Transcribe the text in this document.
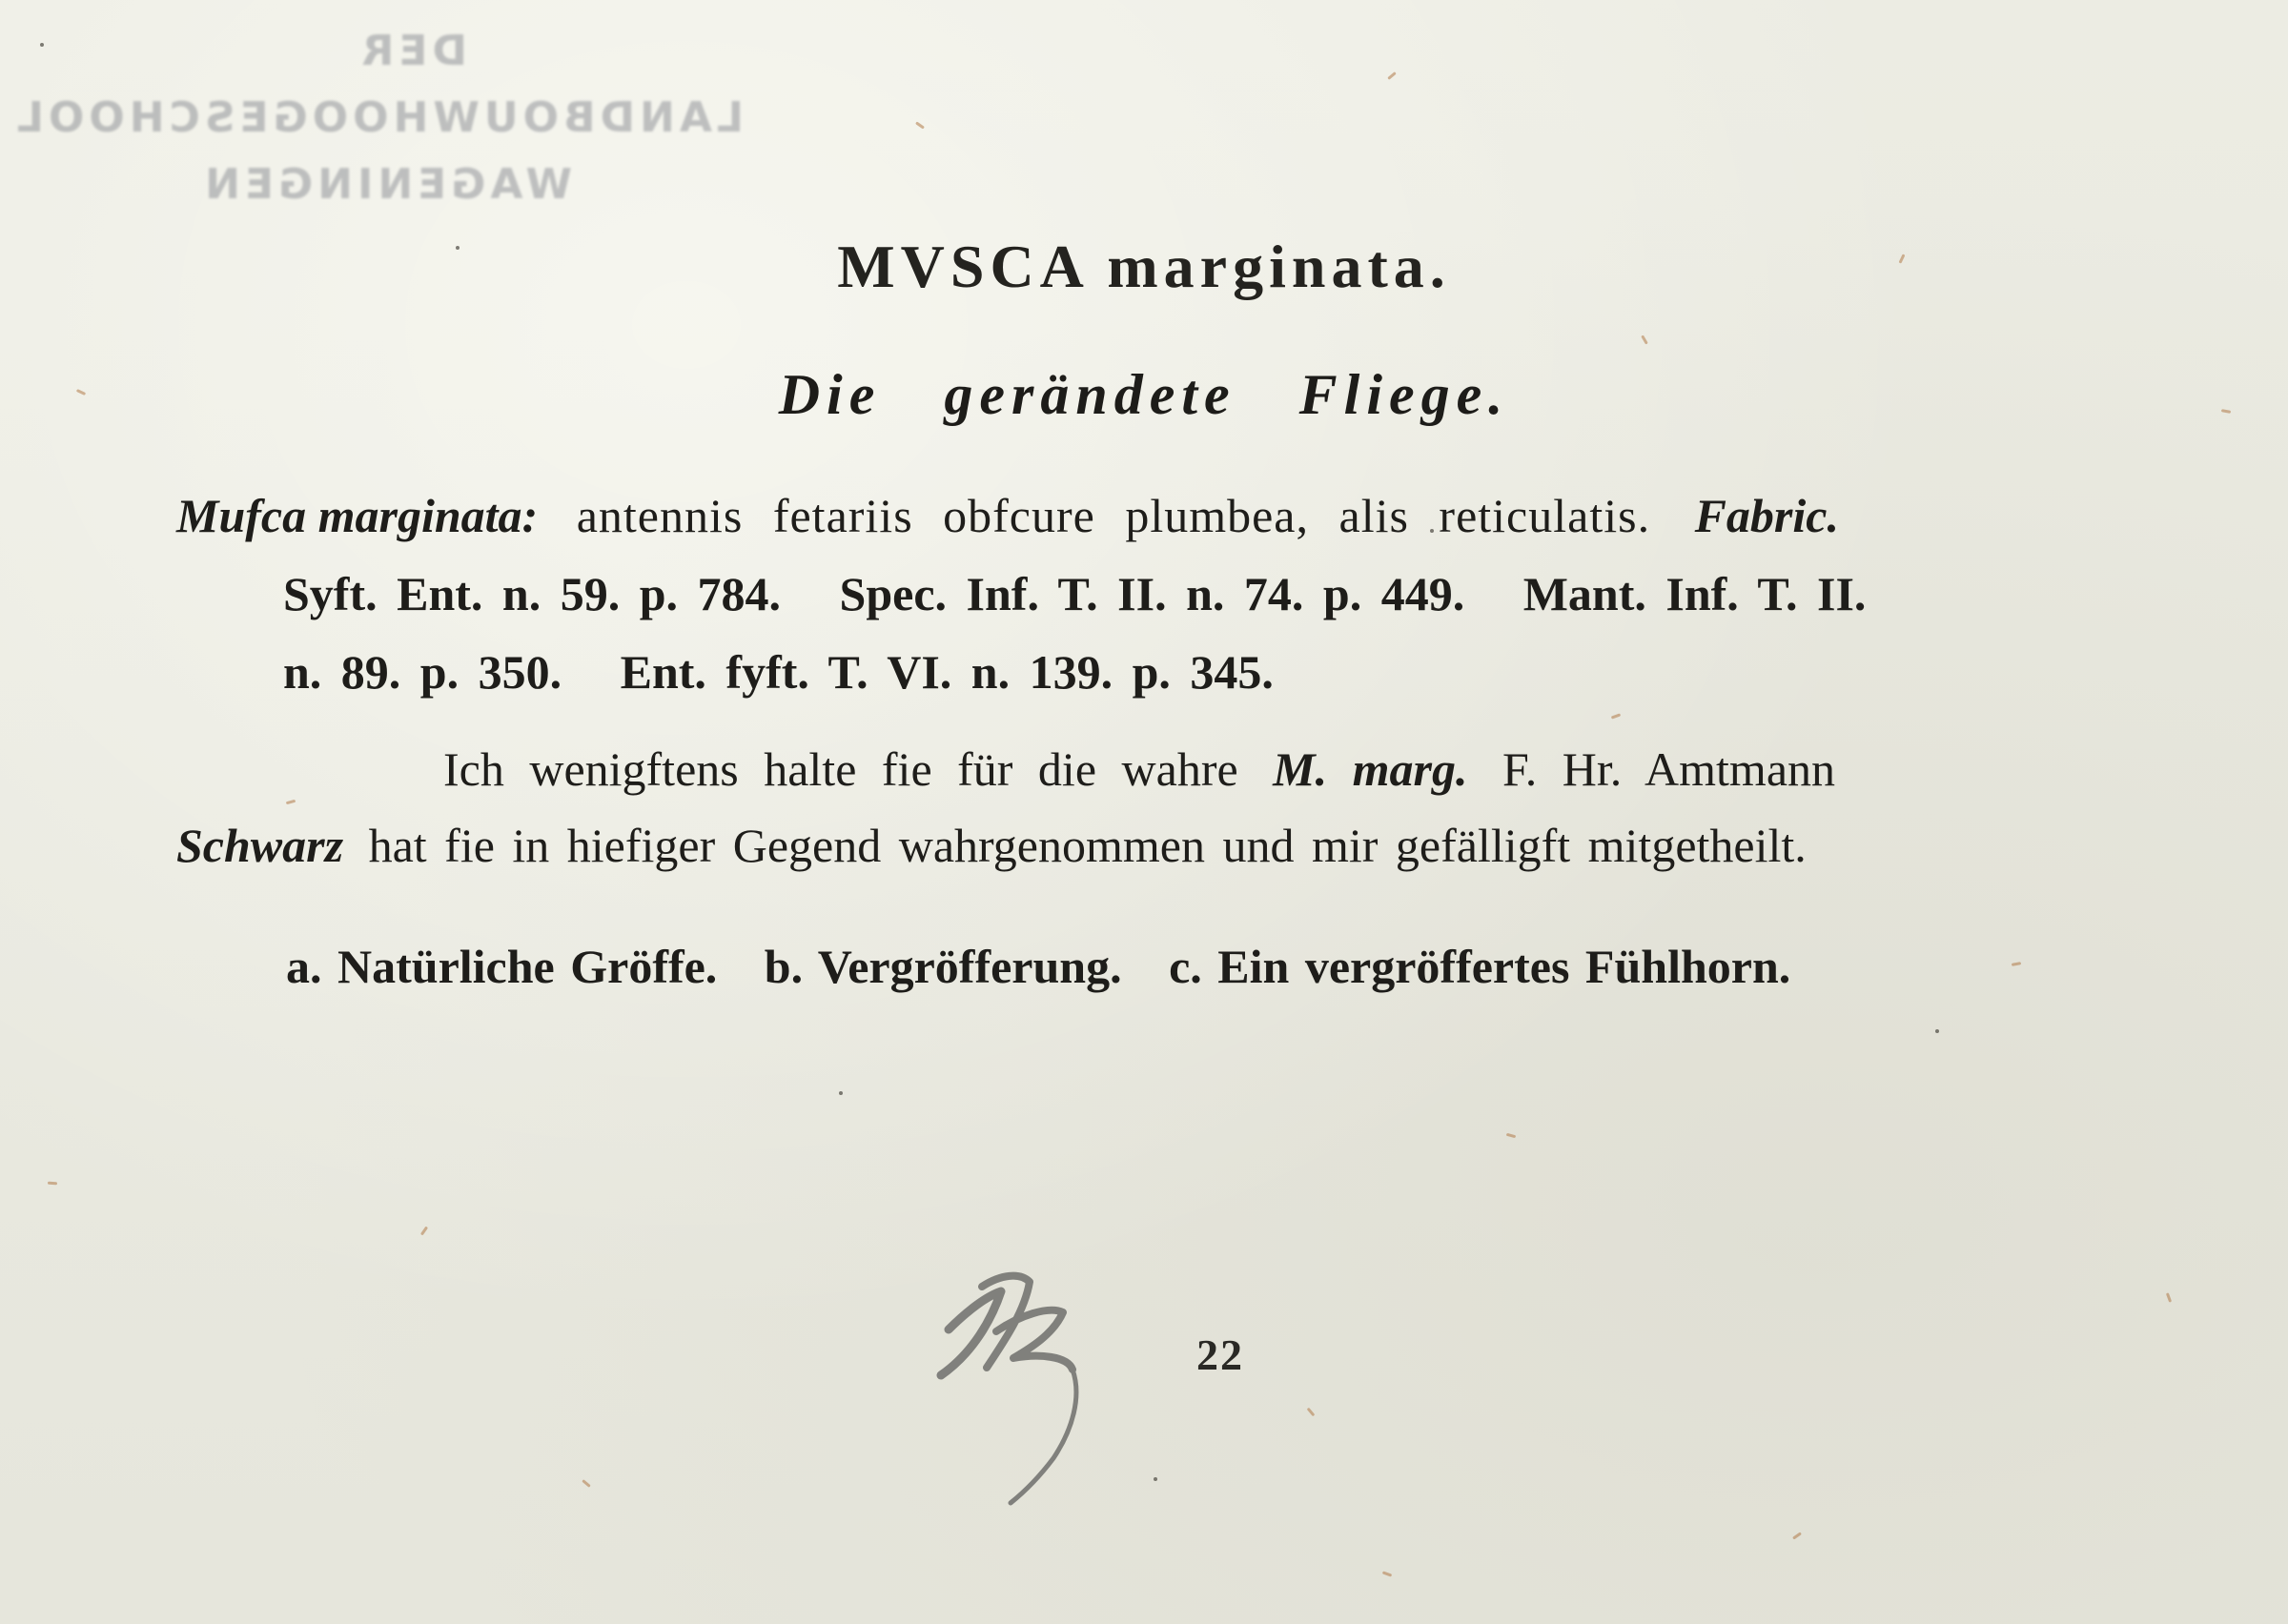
DER
LANDBOUWHOOGESCHOOL
WAGENINGEN
MVSCA marginata.
Die gerändete Fliege.
Mufca marginata: antennis fetariis obfcure plumbea, alis reticulatis. Fabric.
Syft. Ent. n. 59. p. 784.   Spec. Inf. T. II. n. 74. p. 449.   Mant. Inf. T. II.
n. 89. p. 350.   Ent. fyft. T. VI. n. 139. p. 345.
Ich wenigftens halte fie für die wahre M. marg. F. Hr. Amtmann
Schwarz hat fie in hiefiger Gegend wahrgenommen und mir gefälligft mitgetheilt.
a. Natürliche Gröffe.   b. Vergröfferung.   c. Ein vergröffertes Fühlhorn.
22
